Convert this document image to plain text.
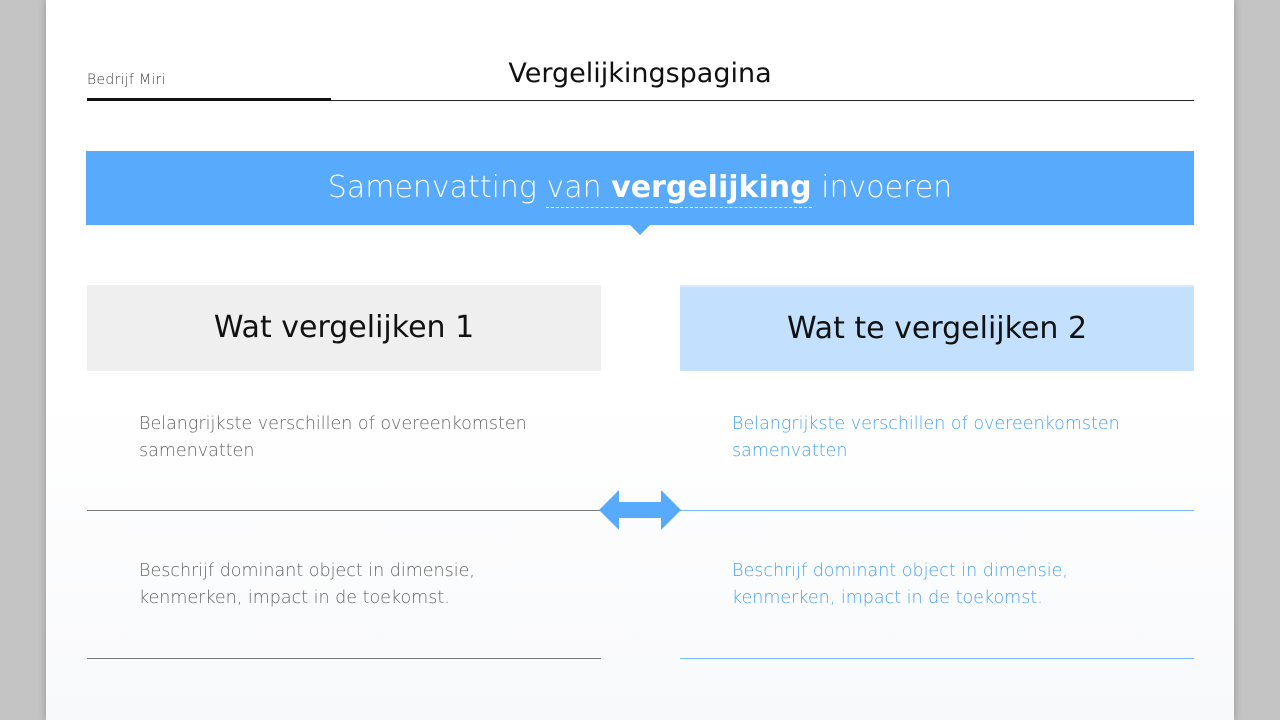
Bedrijf Miri	Vergelijkingspagina
Samenvatting van vergelijking invoeren
Wat vergelijken 1	Wat te vergelijken 2
Belangrijkste verschillen of overeenkomsten samenvatten
Belangrijkste verschillen of overeenkomsten samenvatten
Beschrijf dominant object in dimensie, kenmerken, impact in de toekomst.
Beschrijf dominant object in dimensie, kenmerken, impact in de toekomst.
